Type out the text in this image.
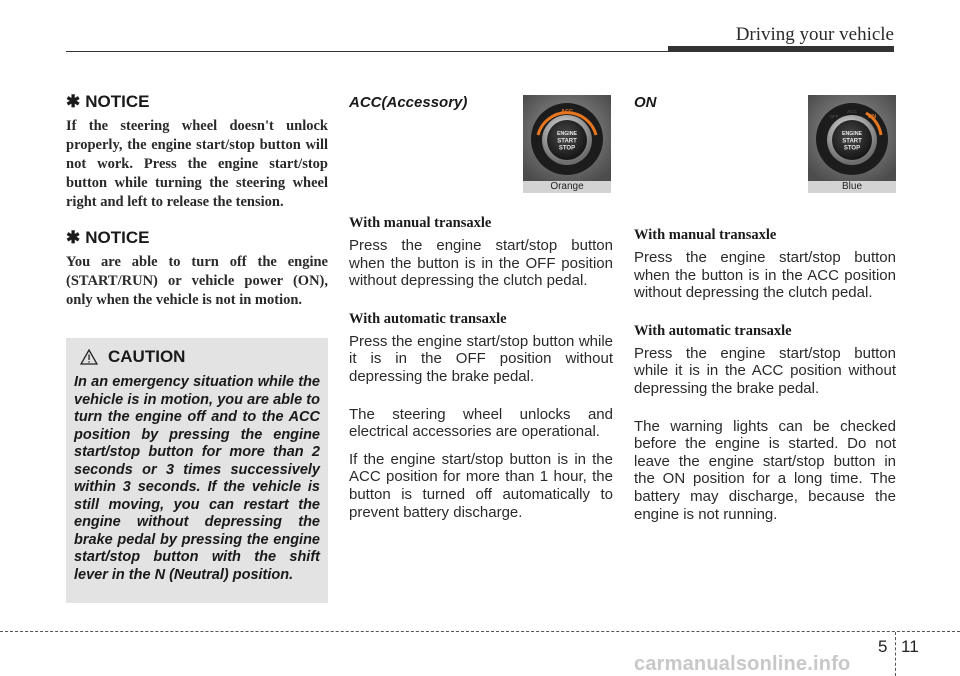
Driving your vehicle
✱ NOTICE
If the steering wheel doesn't unlock properly, the engine start/stop button will not work. Press the engine start/stop button while turning the steering wheel right and left to release the tension.
✱ NOTICE
You are able to turn off the engine (START/RUN) or vehicle power (ON), only when the vehicle is not in motion.
CAUTION
In an emergency situation while the vehicle is in motion, you are able to turn the engine off and to the ACC position by pressing the engine start/stop button for more than 2 seconds or 3 times successively within 3 seconds. If the vehicle is still moving, you can restart the engine without depressing the brake pedal by pressing the engine start/stop button with the shift lever in the N (Neutral) position.
ACC(Accessory)
With manual transaxle
Press the engine start/stop button when the button is in the OFF position without depressing the clutch pedal.
With automatic transaxle
Press the engine start/stop button while it is in the OFF position without depressing the brake pedal.
The steering wheel unlocks and electrical accessories are operational.
If the engine start/stop button is in the ACC position for more than 1 hour, the button is turned off automatically to prevent battery discharge.
ACC
ENGINE
START
STOP
Orange
ON
With manual transaxle
Press the engine start/stop button when the button is in the ACC position without depressing the clutch pedal.
With automatic transaxle
Press the engine start/stop button while it is in the ACC position without depressing the brake pedal.
The warning lights can be checked before the engine is started. Do not leave the engine start/stop button in the ON position for a long time. The battery may discharge, because the engine is not running.
OFF
ACC
ON
ENGINE
START
STOP
Blue
5 11
carmanualsonline.info
